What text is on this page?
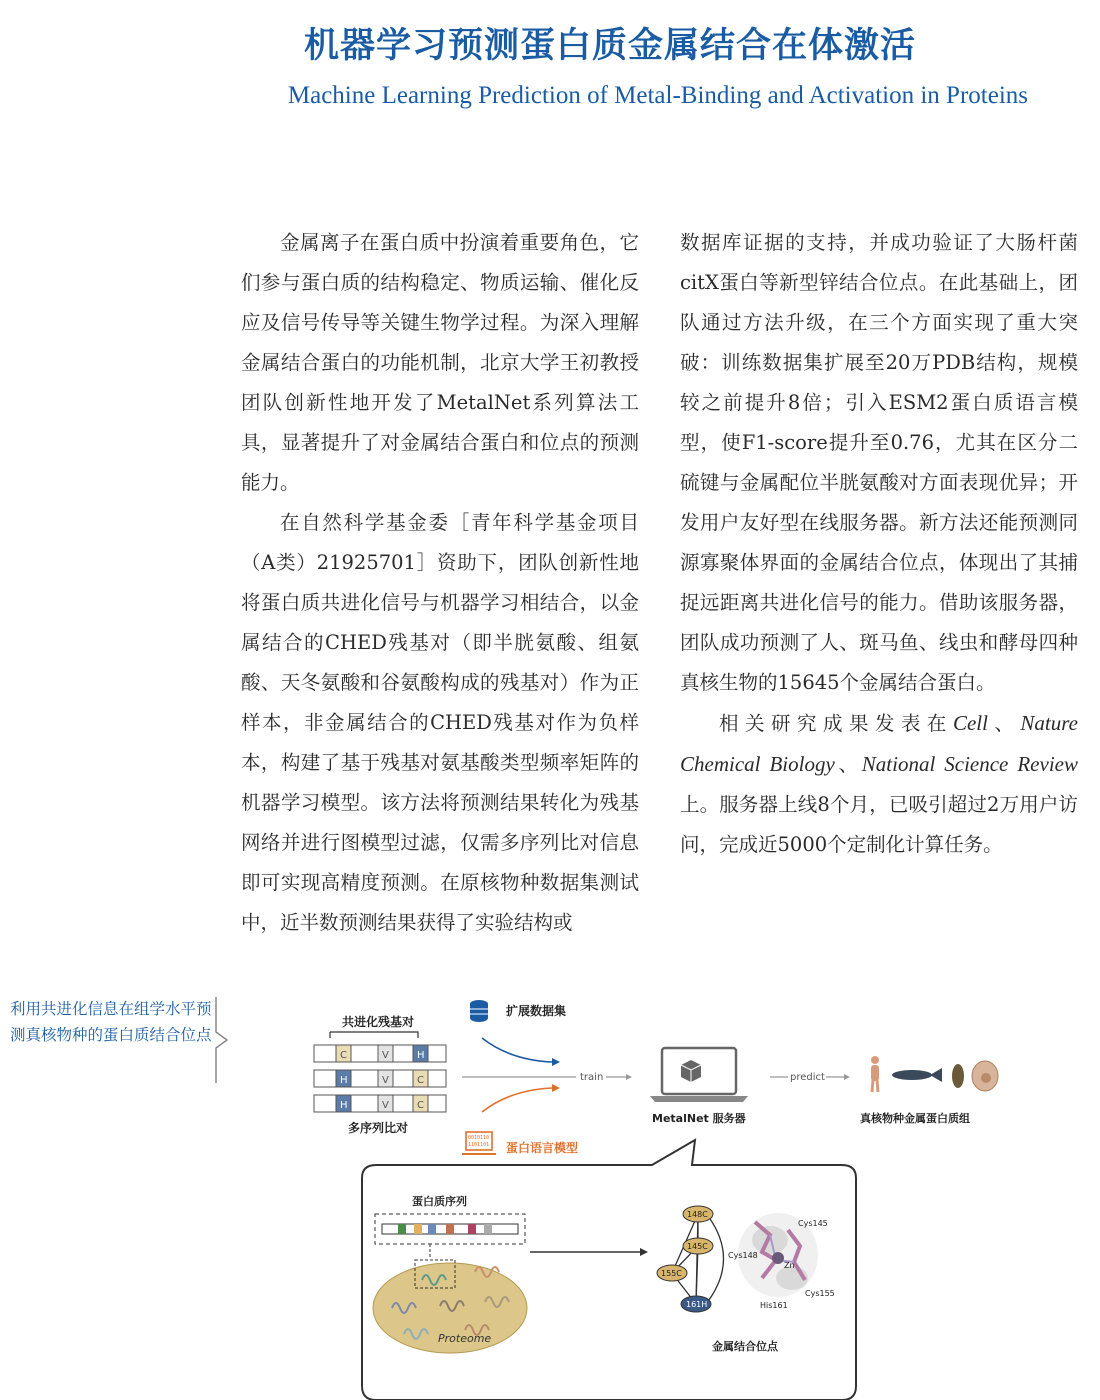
机器学习预测蛋白质金属结合在体激活
Machine Learning Prediction of Metal-Binding and Activation in Proteins

金属离子在蛋白质中扮演着重要角色，它们参与蛋白质的结构稳定、物质运输、催化反应及信号传导等关键生物学过程。为深入理解金属结合蛋白的功能机制，北京大学王初教授团队创新性地开发了MetalNet系列算法工具，显著提升了对金属结合蛋白和位点的预测能力。

在自然科学基金委［青年科学基金项目（A类）21925701］资助下，团队创新性地将蛋白质共进化信号与机器学习相结合，以金属结合的CHED残基对（即半胱氨酸、组氨酸、天冬氨酸和谷氨酸构成的残基对）作为正样本，非金属结合的CHED残基对作为负样本，构建了基于残基对氨基酸类型频率矩阵的机器学习模型。该方法将预测结果转化为残基网络并进行图模型过滤，仅需多序列比对信息即可实现高精度预测。在原核物种数据集测试中，近半数预测结果获得了实验结构或

数据库证据的支持，并成功验证了大肠杆菌citX蛋白等新型锌结合位点。在此基础上，团队通过方法升级，在三个方面实现了重大突破：训练数据集扩展至20万PDB结构，规模较之前提升8倍；引入ESM2蛋白质语言模型，使F1-score提升至0.76，尤其在区分二硫键与金属配位半胱氨酸对方面表现优异；开发用户友好型在线服务器。新方法还能预测同源寡聚体界面的金属结合位点，体现出了其捕捉远距离共进化信号的能力。借助该服务器，团队成功预测了人、斑马鱼、线虫和酵母四种真核生物的15645个金属结合蛋白。

相关研究成果发表在Cell、Nature Chemical Biology、National Science Review上。服务器上线8个月，已吸引超过2万用户访问，完成近5000个定制化计算任务。

利用共进化信息在组学水平预测真核物种的蛋白质结合位点
共进化残基对
C	V	H
H	V	C
H	V	C
多序列比对
扩展数据集
train
0010110
1101101 蛋白语言模型
MetalNet 服务器
predict
真核物种金属蛋白质组
蛋白质序列
Proteome
148C
145C
155C
161H
Cys145
Cys148
Zn
Cys155
His161
金属结合位点
